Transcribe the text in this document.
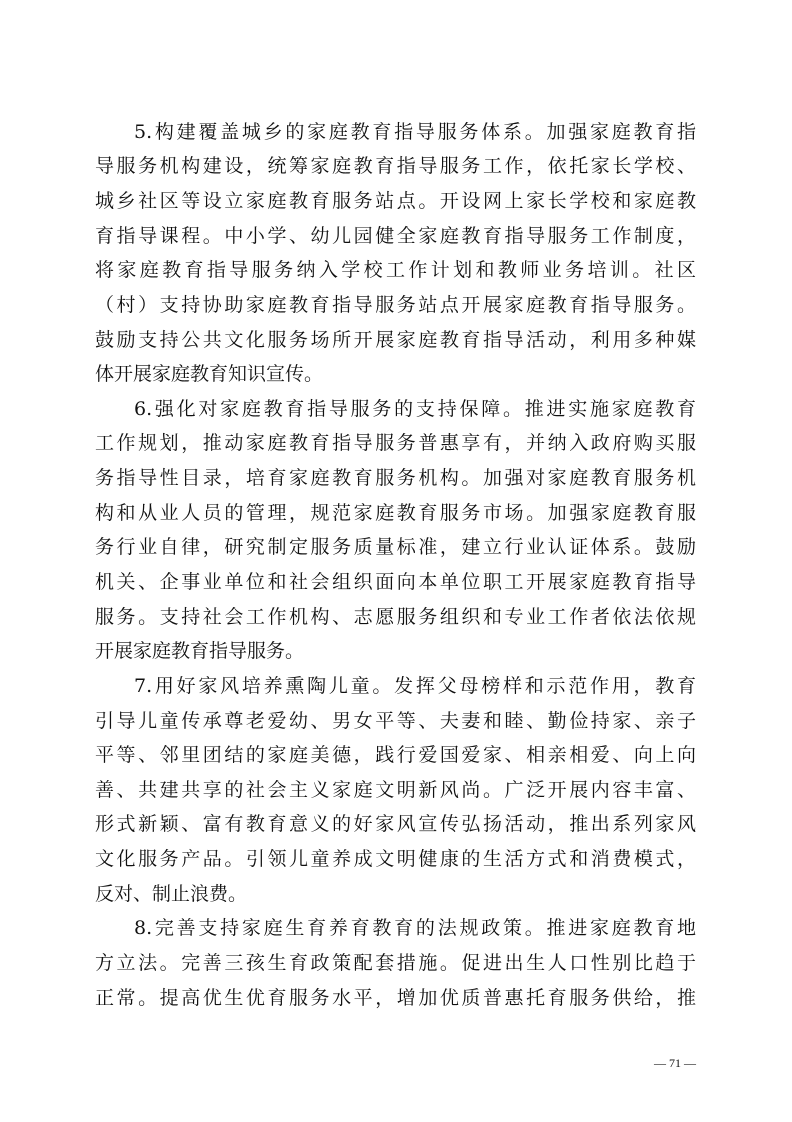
5.构建覆盖城乡的家庭教育指导服务体系。加强家庭教育指
导服务机构建设，统筹家庭教育指导服务工作，依托家长学校、
城乡社区等设立家庭教育服务站点。开设网上家长学校和家庭教
育指导课程。中小学、幼儿园健全家庭教育指导服务工作制度，
将家庭教育指导服务纳入学校工作计划和教师业务培训。社区
（村）支持协助家庭教育指导服务站点开展家庭教育指导服务。
鼓励支持公共文化服务场所开展家庭教育指导活动，利用多种媒
体开展家庭教育知识宣传。
6.强化对家庭教育指导服务的支持保障。推进实施家庭教育
工作规划，推动家庭教育指导服务普惠享有，并纳入政府购买服
务指导性目录，培育家庭教育服务机构。加强对家庭教育服务机
构和从业人员的管理，规范家庭教育服务市场。加强家庭教育服
务行业自律，研究制定服务质量标准，建立行业认证体系。鼓励
机关、企事业单位和社会组织面向本单位职工开展家庭教育指导
服务。支持社会工作机构、志愿服务组织和专业工作者依法依规
开展家庭教育指导服务。
7.用好家风培养熏陶儿童。发挥父母榜样和示范作用，教育
引导儿童传承尊老爱幼、男女平等、夫妻和睦、勤俭持家、亲子
平等、邻里团结的家庭美德，践行爱国爱家、相亲相爱、向上向
善、共建共享的社会主义家庭文明新风尚。广泛开展内容丰富、
形式新颖、富有教育意义的好家风宣传弘扬活动，推出系列家风
文化服务产品。引领儿童养成文明健康的生活方式和消费模式，
反对、制止浪费。
8.完善支持家庭生育养育教育的法规政策。推进家庭教育地
方立法。完善三孩生育政策配套措施。促进出生人口性别比趋于
正常。提高优生优育服务水平，增加优质普惠托育服务供给，推
— 71 —
